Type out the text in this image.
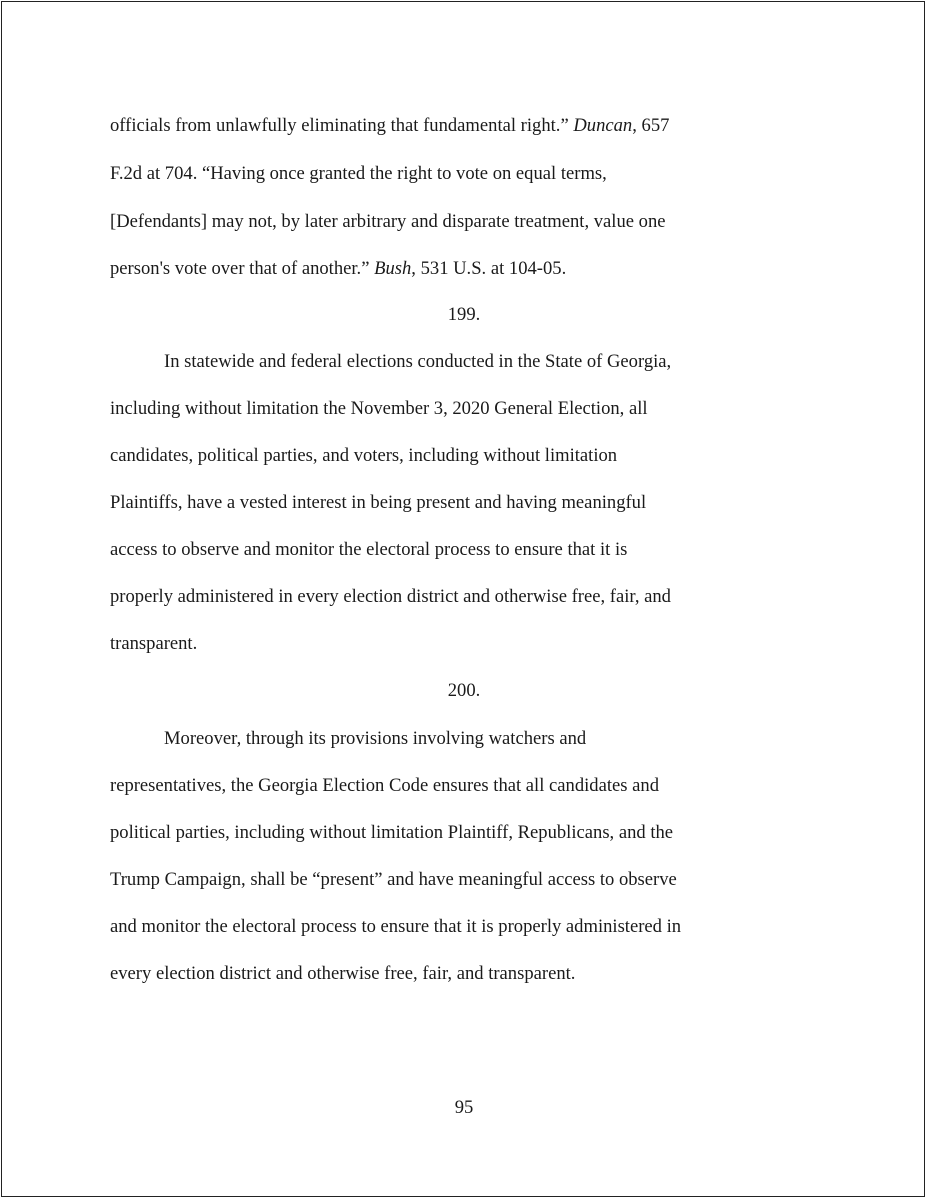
officials from unlawfully eliminating that fundamental right.” Duncan, 657
F.2d at 704. “Having once granted the right to vote on equal terms,
[Defendants] may not, by later arbitrary and disparate treatment, value one
person's vote over that of another.” Bush, 531 U.S. at 104-05.
199.
In statewide and federal elections conducted in the State of Georgia,
including without limitation the November 3, 2020 General Election, all
candidates, political parties, and voters, including without limitation
Plaintiffs, have a vested interest in being present and having meaningful
access to observe and monitor the electoral process to ensure that it is
properly administered in every election district and otherwise free, fair, and
transparent.
200.
Moreover, through its provisions involving watchers and
representatives, the Georgia Election Code ensures that all candidates and
political parties, including without limitation Plaintiff, Republicans, and the
Trump Campaign, shall be “present” and have meaningful access to observe
and monitor the electoral process to ensure that it is properly administered in
every election district and otherwise free, fair, and transparent.
95
